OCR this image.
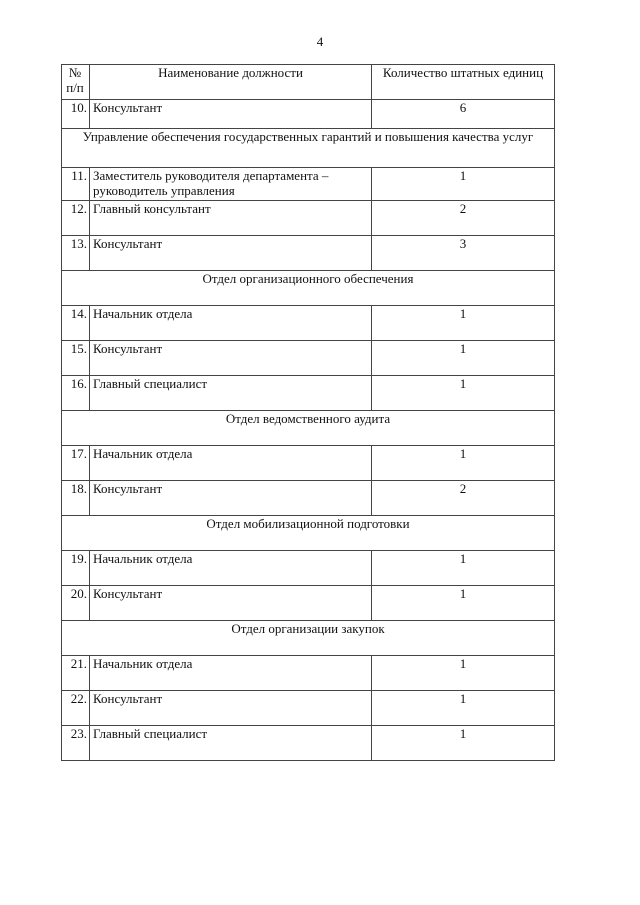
4
№ п/п	Наименование должности	Количество штатных единиц
10.	Консультант	6
Управление обеспечения государственных гарантий и повышения качества услуг		
11.	Заместитель руководителя департамента – руководитель управления	1
12.	Главный консультант	2
13.	Консультант	3
Отдел организационного обеспечения		
14.	Начальник отдела	1
15.	Консультант	1
16.	Главный специалист	1
Отдел ведомственного аудита		
17.	Начальник отдела	1
18.	Консультант	2
Отдел мобилизационной подготовки		
19.	Начальник отдела	1
20.	Консультант	1
Отдел организации закупок		
21.	Начальник отдела	1
22.	Консультант	1
23.	Главный специалист	1
